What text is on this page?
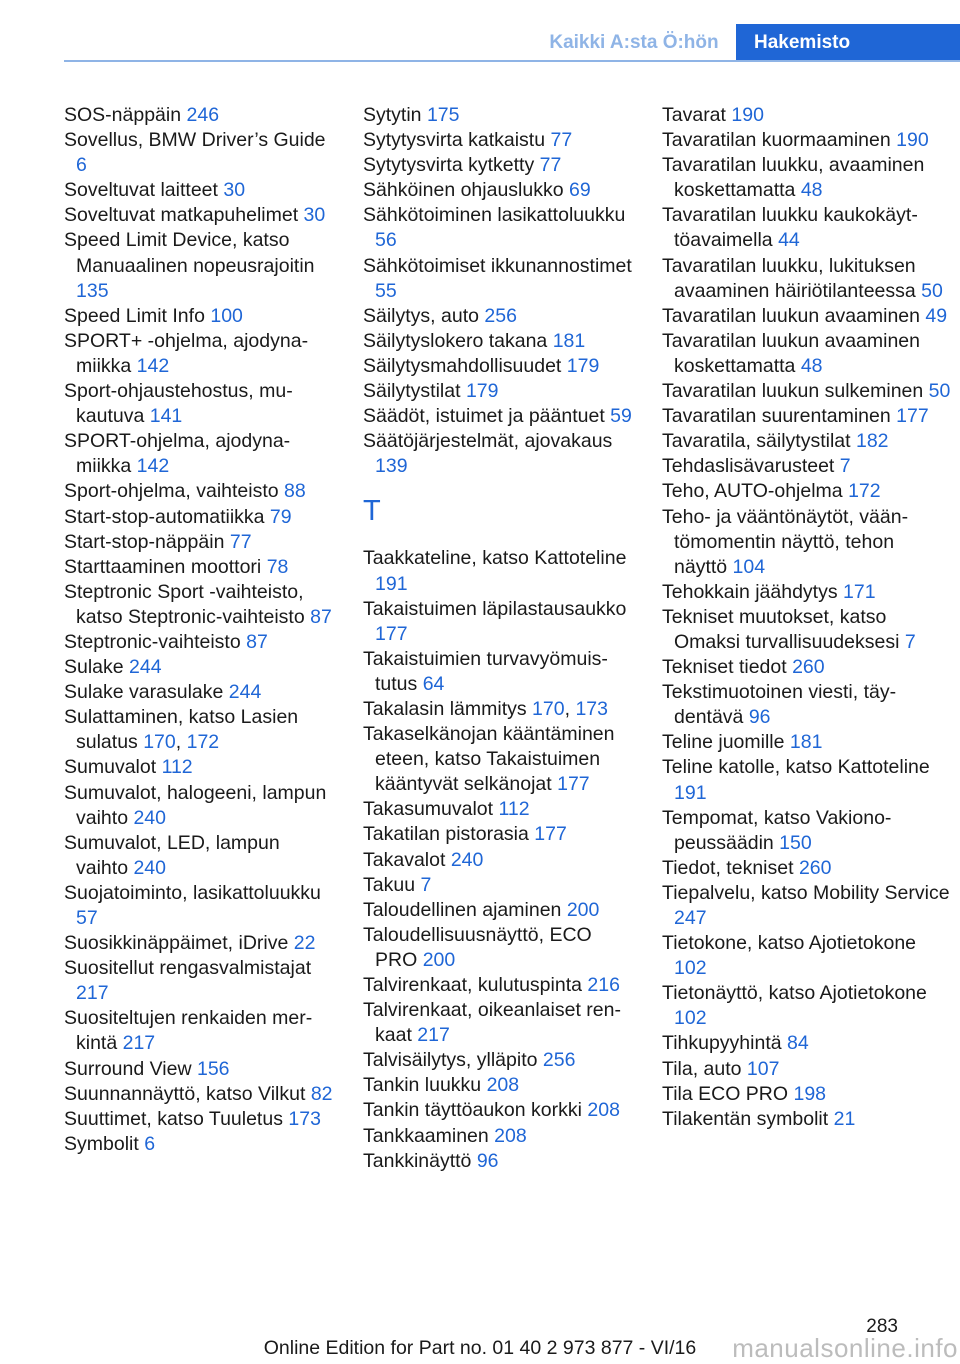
Kaikki A:sta Ö:hön	Hakemisto
SOS-näppäin 246
Sovellus, BMW Driver’s Guide 6
Soveltuvat laitteet 30
Soveltuvat matkapuhelimet 30
Speed Limit Device, katso Manuaalinen nopeusrajoitin 135
Speed Limit Info 100
SPORT+ -ohjelma, ajodynamiikka 142
Sport-ohjaustehostus, mukautuva 141
SPORT-ohjelma, ajodynamiikka 142
Sport-ohjelma, vaihteisto 88
Start-stop-automatiikka 79
Start-stop-näppäin 77
Starttaaminen moottori 78
Steptronic Sport -vaihteisto, katso Steptronic-vaihteisto 87
Steptronic-vaihteisto 87
Sulake 244
Sulake varasulake 244
Sulattaminen, katso Lasien sulatus 170, 172
Sumuvalot 112
Sumuvalot, halogeeni, lampun vaihto 240
Sumuvalot, LED, lampun vaihto 240
Suojatoiminto, lasikattoluukku 57
Suosikkinäppäimet, iDrive 22
Suositellut rengasvalmistajat 217
Suositeltujen renkaiden merkintä 217
Surround View 156
Suunnannäyttö, katso Vilkut 82
Suuttimet, katso Tuuletus 173
Symbolit 6
Sytytin 175
Sytytysvirta katkaistu 77
Sytytysvirta kytketty 77
Sähköinen ohjauslukko 69
Sähkötoiminen lasikattoluukku 56
Sähkötoimiset ikkunannostimet 55
Säilytys, auto 256
Säilytyslokero takana 181
Säilytysmahdollisuudet 179
Säilytystilat 179
Säädöt, istuimet ja pääntuet 59
Säätöjärjestelmät, ajovakaus 139
T
Taakkateline, katso Kattoteline 191
Takaistuimen läpilastausaukko 177
Takaistuimien turvavyömuistutus 64
Takalasin lämmitys 170, 173
Takaselkänojan kääntäminen eteen, katso Takaistuimen kääntyvät selkänojat 177
Takasumuvalot 112
Takatilan pistorasia 177
Takavalot 240
Takuu 7
Taloudellinen ajaminen 200
Taloudellisuusnäyttö, ECO PRO 200
Talvirenkaat, kulutuspinta 216
Talvirenkaat, oikeanlaiset renkaat 217
Talvisäilytys, ylläpito 256
Tankin luukku 208
Tankin täyttöaukon korkki 208
Tankkaaminen 208
Tankkinäyttö 96
Tavarat 190
Tavaratilan kuormaaminen 190
Tavaratilan luukku, avaaminen koskettamatta 48
Tavaratilan luukku kaukokäyttöavaimella 44
Tavaratilan luukku, lukituksen avaaminen häiriötilanteessa 50
Tavaratilan luukun avaaminen 49
Tavaratilan luukun avaaminen koskettamatta 48
Tavaratilan luukun sulkeminen 50
Tavaratilan suurentaminen 177
Tavaratila, säilytystilat 182
Tehdaslisävarusteet 7
Teho, AUTO-ohjelma 172
Teho- ja vääntönäytöt, vääntömomentin näyttö, tehon näyttö 104
Tehokkain jäähdytys 171
Tekniset muutokset, katso Omaksi turvallisuudeksesi 7
Tekniset tiedot 260
Tekstimuotoinen viesti, täydentävä 96
Teline juomille 181
Teline katolle, katso Kattoteline 191
Tempomat, katso Vakionopeussäädin 150
Tiedot, tekniset 260
Tiepalvelu, katso Mobility Service 247
Tietokone, katso Ajotietokone 102
Tietonäyttö, katso Ajotietokone 102
Tihkupyyhintä 84
Tila, auto 107
Tila ECO PRO 198
Tilakentän symbolit 21
283
Online Edition for Part no. 01 40 2 973 877 - VI/16	manualsonline.info
